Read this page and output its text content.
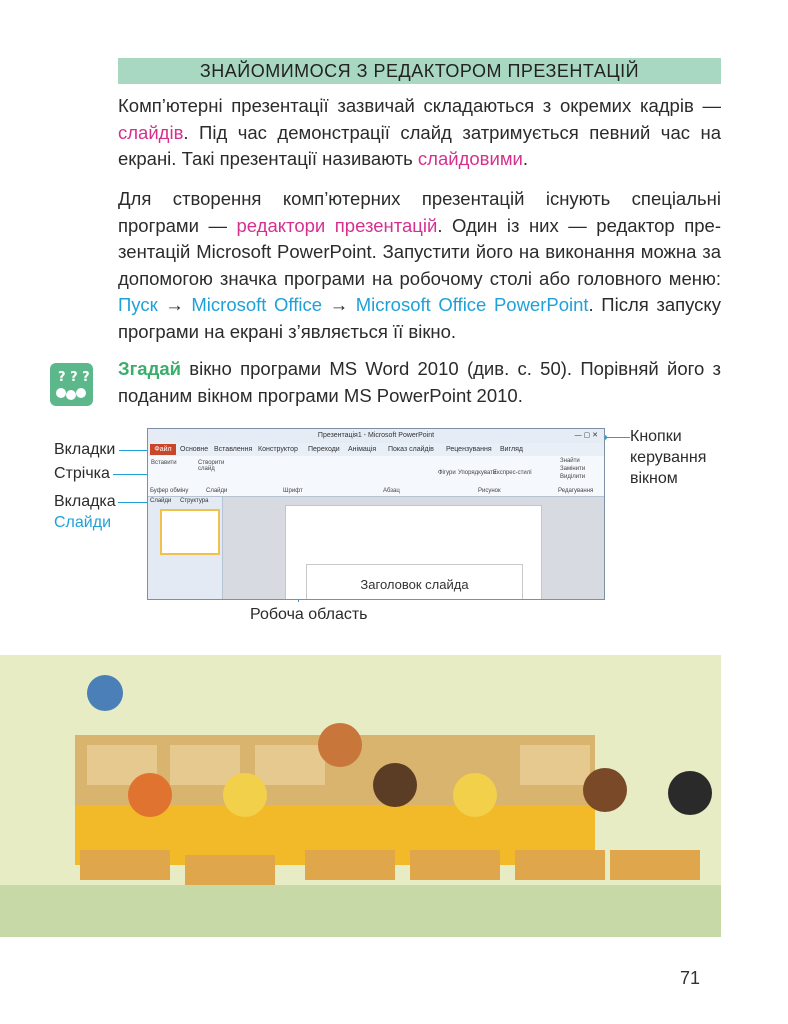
ЗНАЙОМИМОСЯ З РЕДАКТОРОМ ПРЕЗЕНТАЦІЙ

Комп’ютерні презентації зазвичай складаються з окремих кадрів — слайдів. Під час демонстрації слайд затримується певний час на екрані. Такі презентації називають слайдовими.

Для створення комп’ютерних презентацій існують спеціальні програми — редактори презентацій. Один із них — редактор презентацій Microsoft PowerPoint. Запустити його на виконання можна за допомогою значка програми на робочому столі або головного меню: Пуск → Microsoft Office → Microsoft Office PowerPoint. Після запуску програми на екрані з’являється її вікно.

? ? ? Згадай вікно програми MS Word 2010 (див. с. 50). Порівняй його з поданим вікном програми MS PowerPoint 2010.

Вкладки
Стрічка
Вкладка
Слайди
Кнопки керування вікном
Робоча область
Презентація1 - Microsoft PowerPoint	— ▢ ✕
Файл	Основне Вставлення Конструктор Переходи Анімація Показ слайдів Рецензування Вигляд
Вставити	Створити слайд
Фігури Упорядкувати
Експрес-стилі
Знайти
Замінити
Виділити
Буфер обміну	Слайди	Шрифт	Абзац	Рисунок	Редагування
Слайди Структура
Заголовок слайда
71
